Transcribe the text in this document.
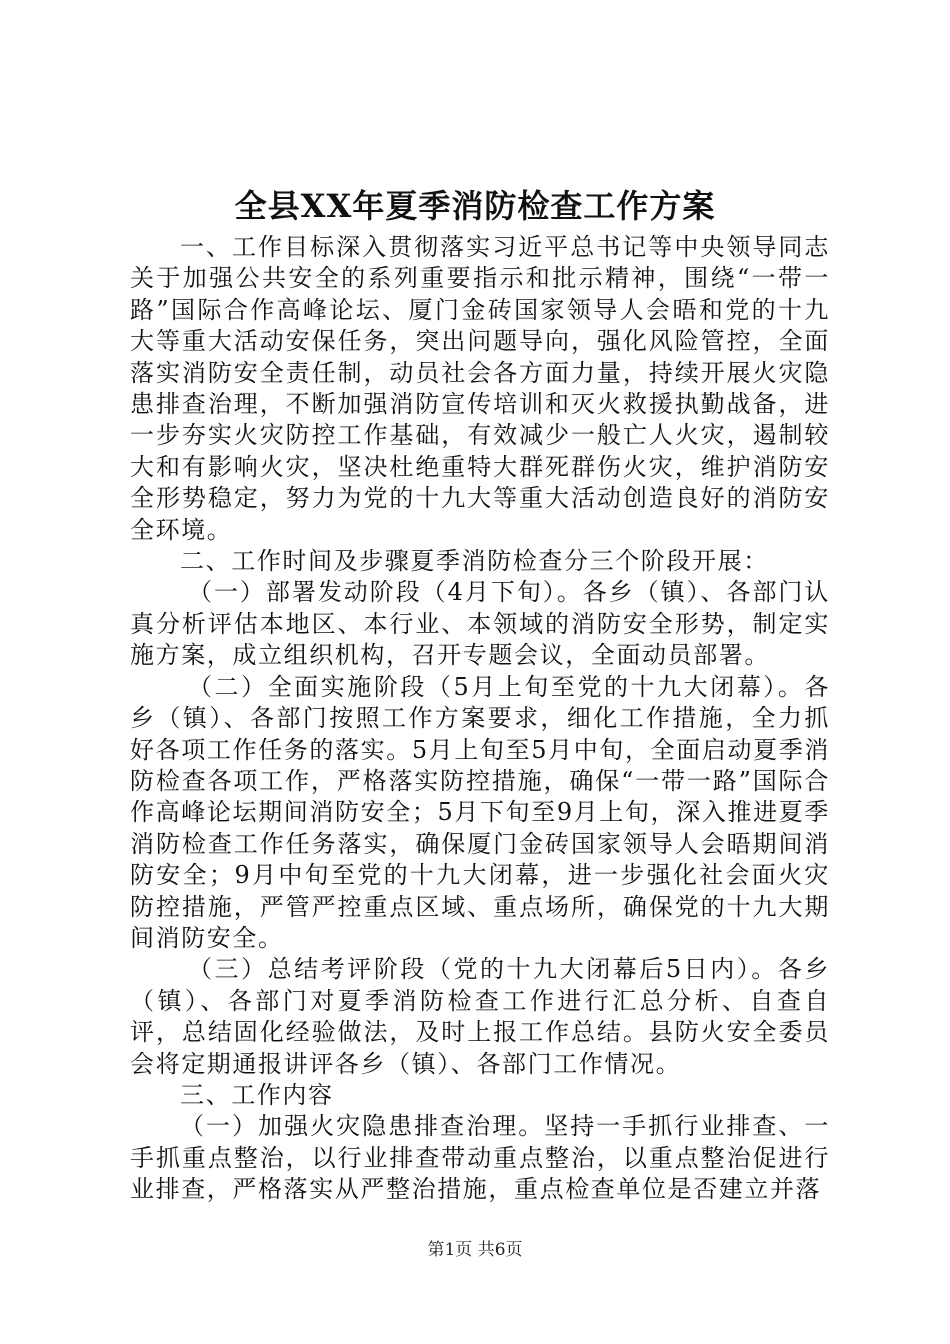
全县XX年夏季消防检查工作方案

一、工作目标深入贯彻落实习近平总书记等中央领导同志关于加强公共安全的系列重要指示和批示精神，围绕“一带一路”国际合作高峰论坛、厦门金砖国家领导人会晤和党的十九大等重大活动安保任务，突出问题导向，强化风险管控，全面落实消防安全责任制，动员社会各方面力量，持续开展火灾隐患排查治理，不断加强消防宣传培训和灭火救援执勤战备，进一步夯实火灾防控工作基础，有效减少一般亡人火灾，遏制较大和有影响火灾，坚决杜绝重特大群死群伤火灾，维护消防安全形势稳定，努力为党的十九大等重大活动创造良好的消防安全环境。

二、工作时间及步骤夏季消防检查分三个阶段开展：

（一）部署发动阶段（4月下旬）。各乡（镇）、各部门认真分析评估本地区、本行业、本领域的消防安全形势，制定实施方案，成立组织机构，召开专题会议，全面动员部署。

（二）全面实施阶段（5月上旬至党的十九大闭幕）。各乡（镇）、各部门按照工作方案要求，细化工作措施，全力抓好各项工作任务的落实。5月上旬至5月中旬，全面启动夏季消防检查各项工作，严格落实防控措施，确保“一带一路”国际合作高峰论坛期间消防安全；5月下旬至9月上旬，深入推进夏季消防检查工作任务落实，确保厦门金砖国家领导人会晤期间消防安全；9月中旬至党的十九大闭幕，进一步强化社会面火灾防控措施，严管严控重点区域、重点场所，确保党的十九大期间消防安全。

（三）总结考评阶段（党的十九大闭幕后5日内）。各乡（镇）、各部门对夏季消防检查工作进行汇总分析、自查自评，总结固化经验做法，及时上报工作总结。县防火安全委员会将定期通报讲评各乡（镇）、各部门工作情况。

三、工作内容

（一）加强火灾隐患排查治理。坚持一手抓行业排查、一手抓重点整治，以行业排查带动重点整治，以重点整治促进行业排查，严格落实从严整治措施，重点检查单位是否建立并落

第1页 共6页
